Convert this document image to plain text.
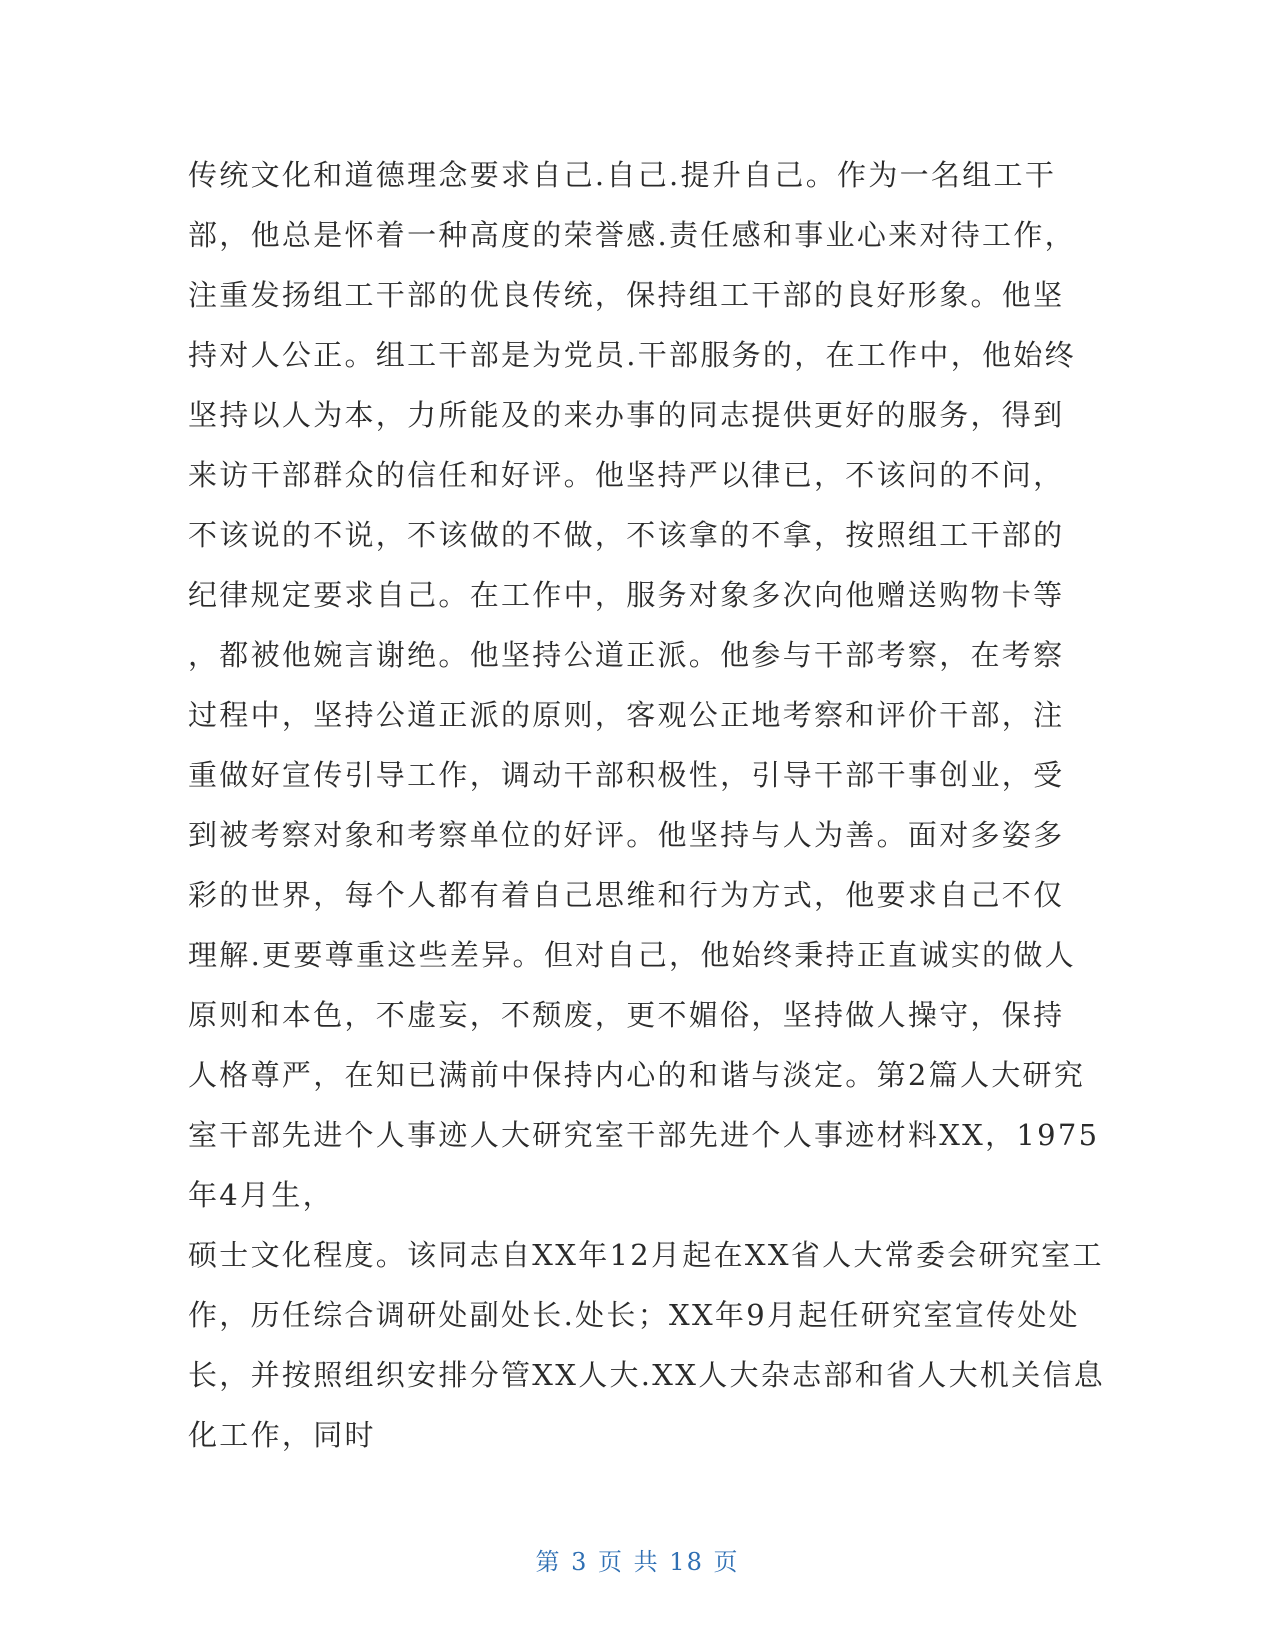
传统文化和道德理念要求自己.自己.提升自己。作为一名组工干
部，他总是怀着一种高度的荣誉感.责任感和事业心来对待工作，
注重发扬组工干部的优良传统，保持组工干部的良好形象。他坚
持对人公正。组工干部是为党员.干部服务的，在工作中，他始终
坚持以人为本，力所能及的来办事的同志提供更好的服务，得到
来访干部群众的信任和好评。他坚持严以律已，不该问的不问，
不该说的不说，不该做的不做，不该拿的不拿，按照组工干部的
纪律规定要求自己。在工作中，服务对象多次向他赠送购物卡等
，都被他婉言谢绝。他坚持公道正派。他参与干部考察，在考察
过程中，坚持公道正派的原则，客观公正地考察和评价干部，注
重做好宣传引导工作，调动干部积极性，引导干部干事创业，受
到被考察对象和考察单位的好评。他坚持与人为善。面对多姿多
彩的世界，每个人都有着自己思维和行为方式，他要求自己不仅
理解.更要尊重这些差异。但对自己，他始终秉持正直诚实的做人
原则和本色，不虚妄，不颓废，更不媚俗，坚持做人操守，保持
人格尊严，在知已满前中保持内心的和谐与淡定。第2篇人大研究
室干部先进个人事迹人大研究室干部先进个人事迹材料XX，1975
年4月生，
硕士文化程度。该同志自XX年12月起在XX省人大常委会研究室工
作，历任综合调研处副处长.处长；XX年9月起任研究室宣传处处
长，并按照组织安排分管XX人大.XX人大杂志部和省人大机关信息
化工作，同时
第 3 页 共 18 页
